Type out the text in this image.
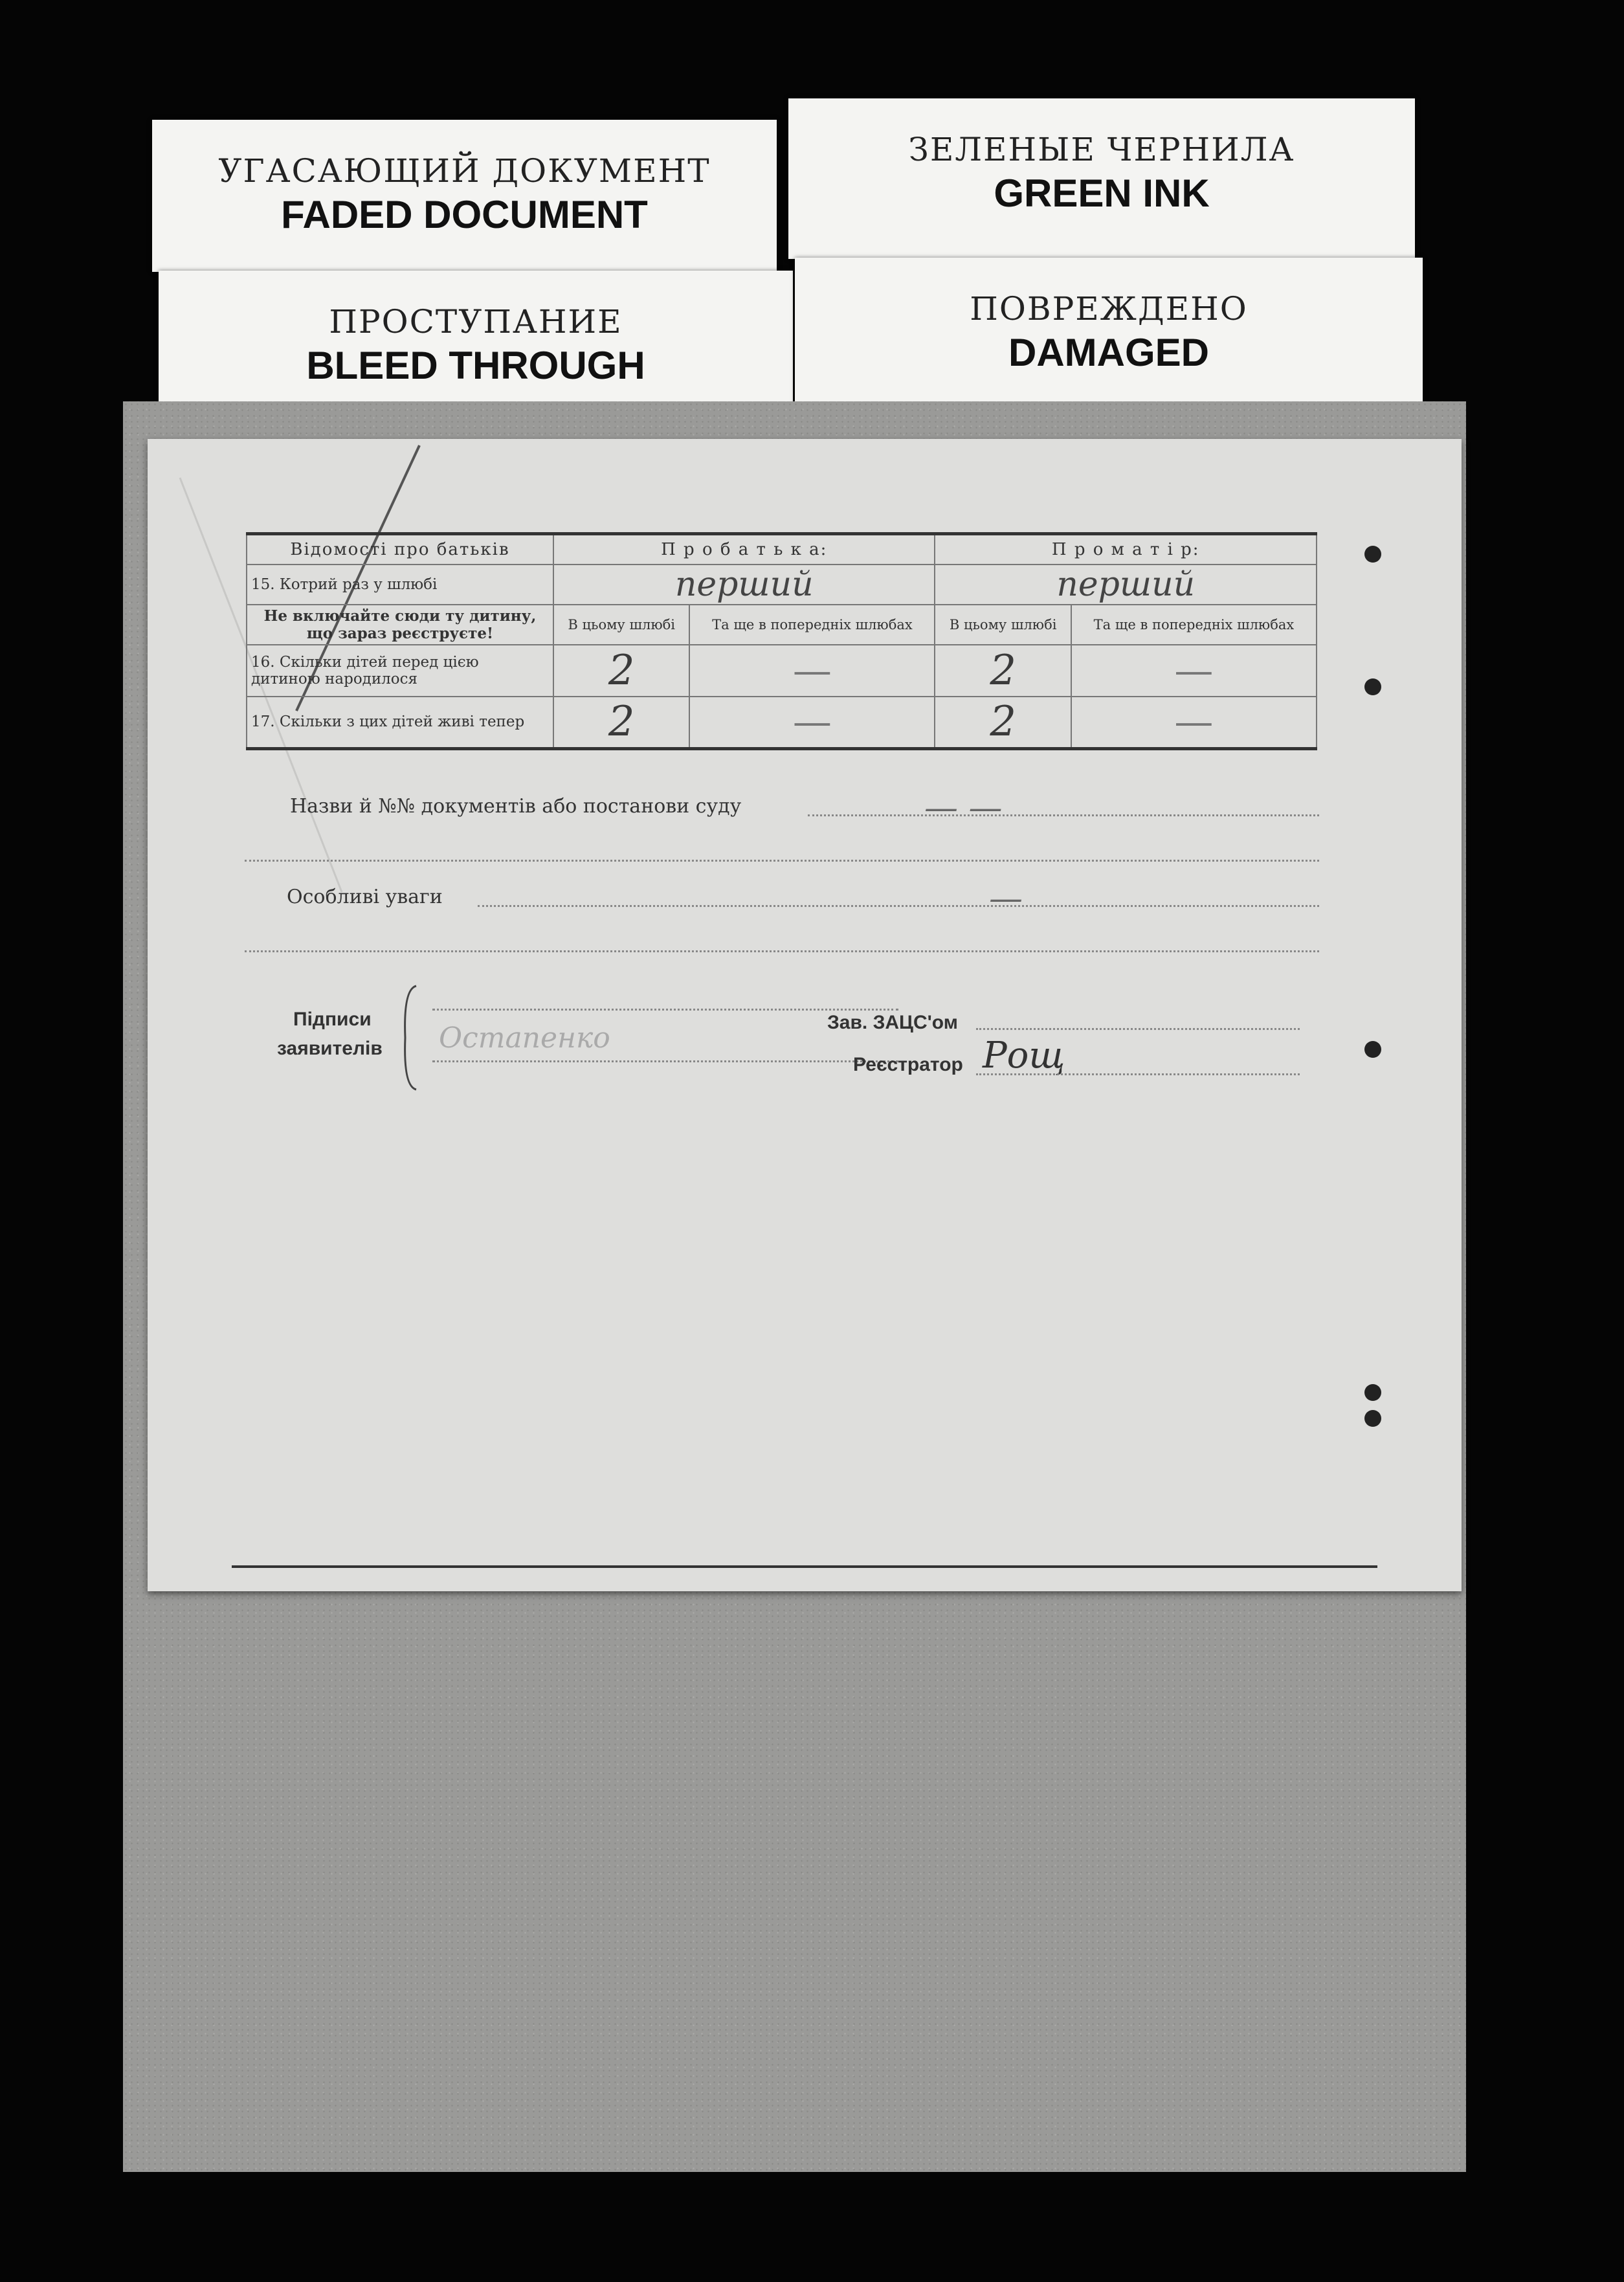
УГАСАЮЩИЙ ДОКУМЕНТ
FADED DOCUMENT
ЗЕЛЕНЫЕ ЧЕРНИЛА
GREEN INK
ПРОСТУПАНИЕ
BLEED THROUGH
ПОВРЕЖДЕНО
DAMAGED
Відомості про батьків	П р о б а т ь к а:		П р о м а т і р:	
15. Котрий раз у шлюбі	перший		перший	
Не включайте сюди ту дитину, що зараз реєструєте!	В цьому шлюбі	Та ще в попередніх шлюбах	В цьому шлюбі	Та ще в попередніх шлюбах
16. Скільки дітей перед цією дитиною народилося	2	—	2	—
17. Скільки з цих дітей живі тепер	2	—	2	—
Назви й №№ документів або постанови суду	— —
Особливі уваги	—
Підписи
заявителів Остапенко	Зав. ЗАЦС'ом
Реєстратор Рощ
